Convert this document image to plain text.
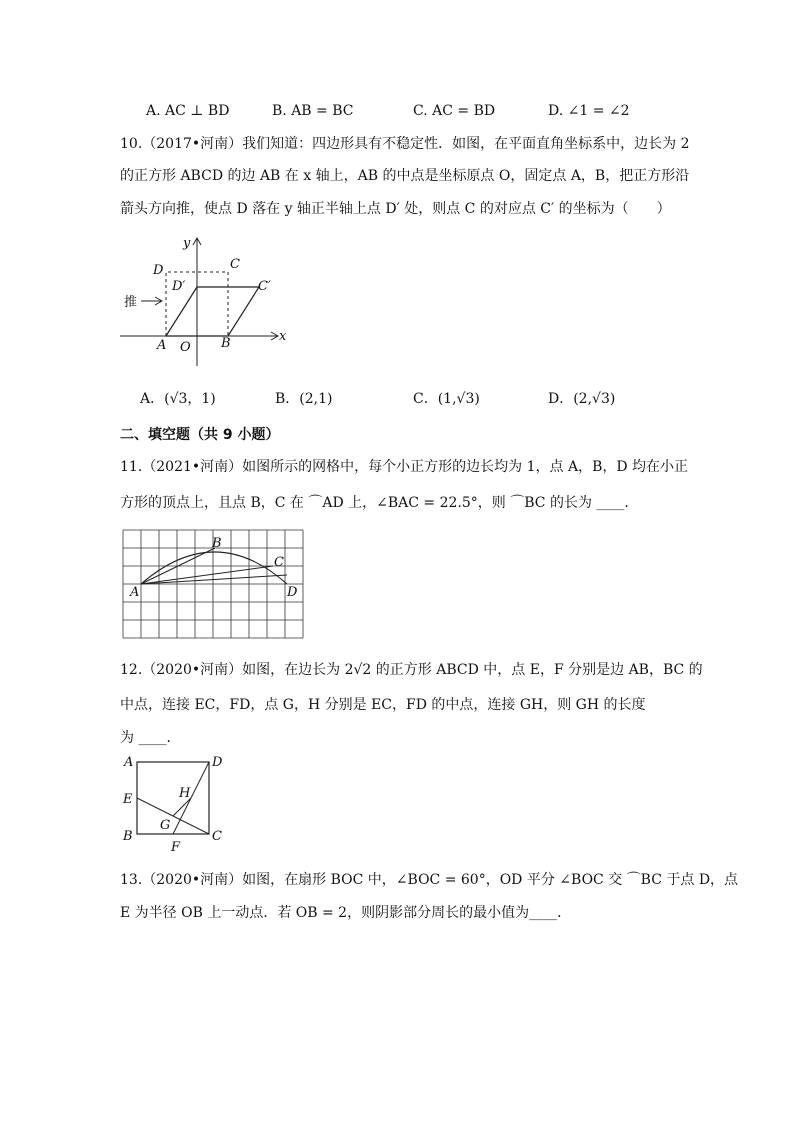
A. AC ⊥ BD	B. AB = BC	C. AC = BD	D. ∠1 = ∠2
10.（2017•河南）我们知道：四边形具有不稳定性．如图，在平面直角坐标系中，边长为 2
的正方形 ABCD 的边 AB 在 x 轴上，AB 的中点是坐标原点 O，固定点 A，B，把正方形沿
箭头方向推，使点 D 落在 y 轴正半轴上点 D′ 处，则点 C 的对应点 C′ 的坐标为（　　）
y
x
D	C
D′	C′
推
A O B
A．(√3，1)	B．(2,1)	C．(1,√3)	D．(2,√3)
二、填空题（共 9 小题）
11.（2021•河南）如图所示的网格中，每个小正方形的边长均为 1，点 A，B，D 均在小正
方形的顶点上，且点 B，C 在 ⌒AD 上，∠BAC = 22.5°，则 ⌒BC 的长为 ____．
A
B
C
D
12.（2020•河南）如图，在边长为 2√2 的正方形 ABCD 中，点 E，F 分别是边 AB，BC 的
中点，连接 EC，FD，点 G，H 分别是 EC，FD 的中点，连接 GH，则 GH 的长度
为 ____．
A	D
E	H
G
B	C
F
13.（2020•河南）如图，在扇形 BOC 中，∠BOC = 60°，OD 平分 ∠BOC 交 ⌒BC 于点 D，点
E 为半径 OB 上一动点．若 OB = 2，则阴影部分周长的最小值为____．
